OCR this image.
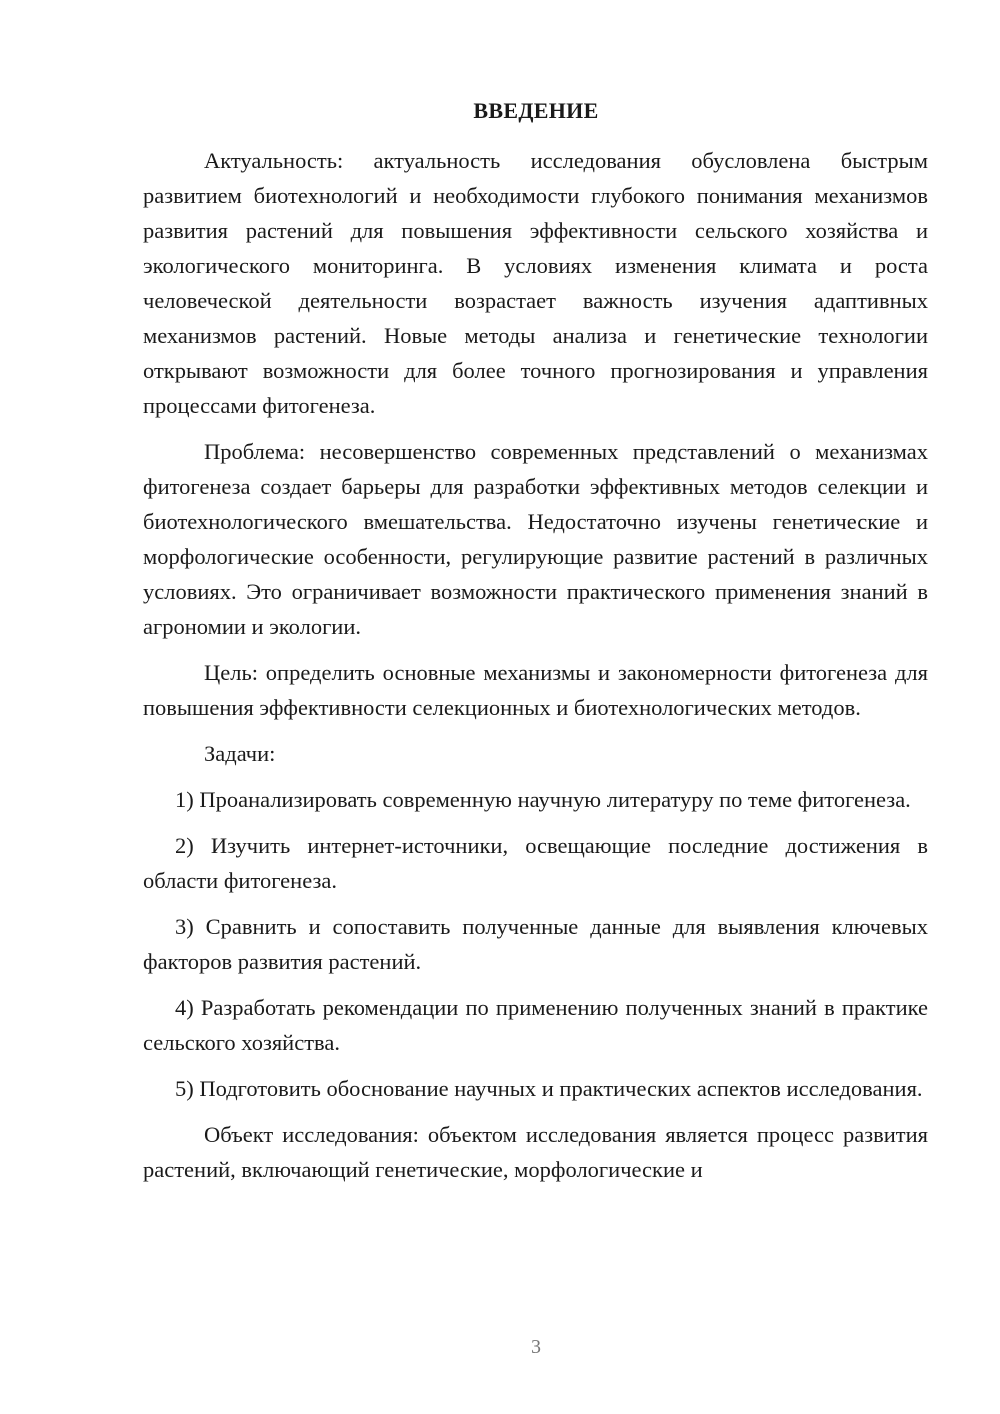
ВВЕДЕНИЕ

Актуальность: актуальность исследования обусловлена быстрым развитием биотехнологий и необходимости глубокого понимания механизмов развития растений для повышения эффективности сельского хозяйства и экологического мониторинга. В условиях изменения климата и роста человеческой деятельности возрастает важность изучения адаптивных механизмов растений. Новые методы анализа и генетические технологии открывают возможности для более точного прогнозирования и управления процессами фитогенеза.

Проблема: несовершенство современных представлений о механизмах фитогенеза создает барьеры для разработки эффективных методов селекции и биотехнологического вмешательства. Недостаточно изучены генетические и морфологические особенности, регулирующие развитие растений в различных условиях. Это ограничивает возможности практического применения знаний в агрономии и экологии.

Цель: определить основные механизмы и закономерности фитогенеза для повышения эффективности селекционных и биотехнологических методов.

Задачи:

1) Проанализировать современную научную литературу по теме фитогенеза.

2) Изучить интернет-источники, освещающие последние достижения в области фитогенеза.

3) Сравнить и сопоставить полученные данные для выявления ключевых факторов развития растений.

4) Разработать рекомендации по применению полученных знаний в практике сельского хозяйства.

5) Подготовить обоснование научных и практических аспектов исследования.

Объект исследования: объектом исследования является процесс развития растений, включающий генетические, морфологические и

3
